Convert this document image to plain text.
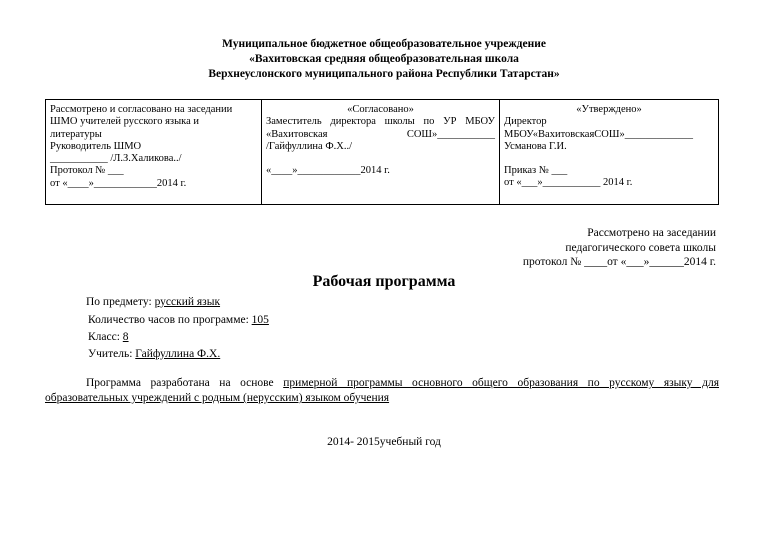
Муниципальное бюджетное общеобразовательное учреждение
«Вахитовская средняя общеобразовательная школа
Верхнеуслонского муниципального района Республики Татарстан»
Рассмотрено и согласовано на заседании
ШМО учителей русского языка и
литературы
Руководитель ШМО
___________ /Л.З.Халикова../
Протокол № ___
от «____»____________2014 г.
«Согласовано»
Заместитель директора школы по УР МБОУ
«Вахитовская	СОШ»___________
/Гайфуллина Ф.Х../
«____»____________2014 г.
«Утверждено»
Директор
МБОУ«ВахитовскаяСОШ»_____________
Усманова Г.И.
Приказ № ___
от «___»___________ 2014 г.
Рассмотрено на заседании
педагогического совета школы
протокол № ____от «___»______2014 г.
Рабочая программа
По предмету: русский язык
Количество часов по программе: 105
Класс: 8
Учитель: Гайфуллина Ф.Х.
Программа разработана на основе примерной программы основного общего образования по русскому языку для образовательных учреждений с родным (нерусским) языком обучения
2014- 2015учебный год
